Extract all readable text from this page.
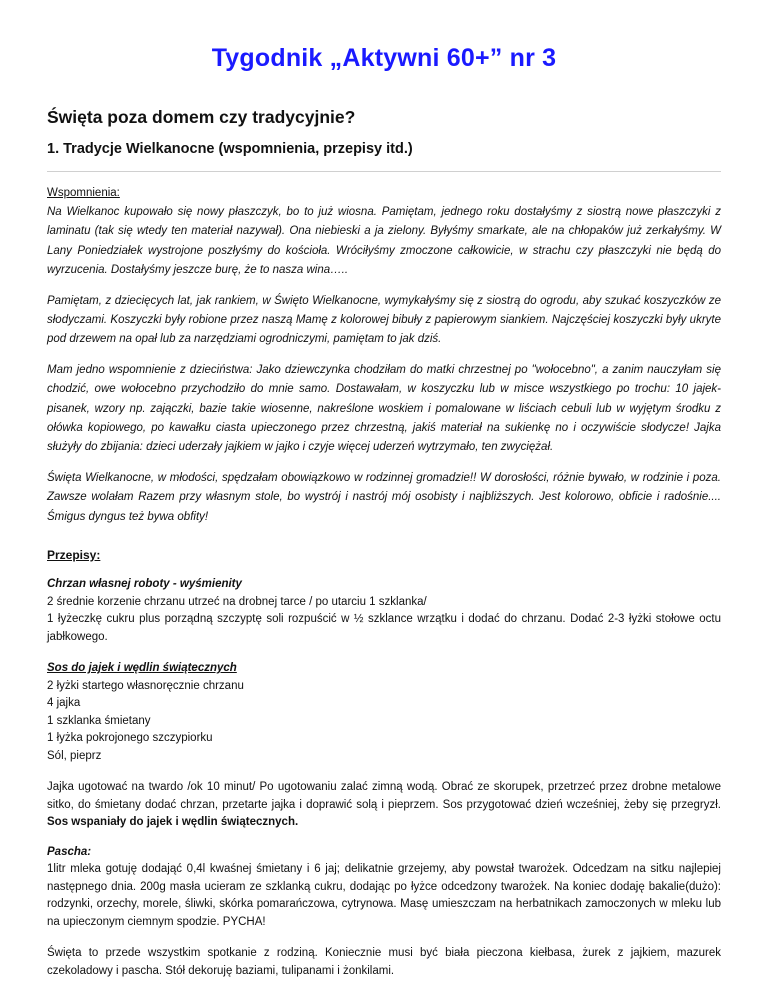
Tygodnik „Aktywni 60+” nr 3
Święta poza domem czy tradycyjnie?
1. Tradycje Wielkanocne (wspomnienia, przepisy itd.)
Wspomnienia:

Na Wielkanoc kupowało się nowy płaszczyk, bo to już wiosna. Pamiętam, jednego roku dostałyśmy z siostrą nowe płaszczyki z laminatu (tak się wtedy ten materiał nazywał). Ona niebieski a ja zielony. Byłyśmy smarkate, ale na chłopaków już zerkałyśmy. W Lany Poniedziałek wystrojone poszłyśmy do kościoła. Wróciłyśmy zmoczone całkowicie, w strachu czy płaszczyki nie będą do wyrzucenia. Dostałyśmy jeszcze burę, że to nasza wina…..

Pamiętam, z dziecięcych lat, jak rankiem, w Święto Wielkanocne, wymykałyśmy się z siostrą do ogrodu, aby szukać koszyczków ze słodyczami. Koszyczki były robione przez naszą Mamę z kolorowej bibuły z papierowym siankiem. Najczęściej koszyczki były ukryte pod drzewem na opał lub za narzędziami ogrodniczymi, pamiętam to jak dziś.

Mam jedno wspomnienie z dzieciństwa: Jako dziewczynka chodziłam do matki chrzestnej po "wołocebno", a zanim nauczyłam się chodzić, owe wołocebno przychodziło do mnie samo. Dostawałam, w koszyczku lub w misce wszystkiego po trochu: 10 jajek- pisanek, wzory np. zajączki, bazie takie wiosenne, nakreślone woskiem i pomalowane w liściach cebuli lub w wyjętym środku z ołówka kopiowego, po kawałku ciasta upieczonego przez chrzestną, jakiś materiał na sukienkę no i oczywiście słodycze! Jajka służyły do zbijania: dzieci uderzały jajkiem w jajko i czyje więcej uderzeń wytrzymało, ten zwyciężał.

Święta Wielkanocne, w młodości, spędzałam obowiązkowo w rodzinnej gromadzie!! W dorosłości, różnie bywało, w rodzinie i poza. Zawsze wolałam Razem przy własnym stole, bo wystrój i nastrój mój osobisty i najbliższych. Jest kolorowo, obficie i radośnie.... Śmigus dyngus też bywa obfity!

Przepisy:
Chrzan własnej roboty - wyśmienity
2 średnie korzenie chrzanu utrzeć na drobnej tarce / po utarciu 1 szklanka/
1 łyżeczkę cukru plus porządną szczyptę soli rozpuścić w ½ szklance wrzątku i dodać do chrzanu. Dodać 2-3 łyżki stołowe octu jabłkowego.
Sos do jajek i wędlin świątecznych
2 łyżki startego własnoręcznie chrzanu
4 jajka
1 szklanka śmietany
1 łyżka pokrojonego szczypiorku
Sól, pieprz

Jajka ugotować na twardo /ok 10 minut/ Po ugotowaniu zalać zimną wodą. Obrać ze skorupek, przetrzeć przez drobne metalowe sitko, do śmietany dodać chrzan, przetarte jajka i doprawić solą i pieprzem. Sos przygotować dzień wcześniej, żeby się przegryzł. Sos wspaniały do jajek i wędlin świątecznych.

Pascha:
1litr mleka gotuję dodająć 0,4l kwaśnej śmietany i 6 jaj; delikatnie grzejemy, aby powstał twarożek. Odcedzam na sitku najlepiej następnego dnia. 200g masła ucieram ze szklanką cukru, dodając po łyżce odcedzony twarożek. Na koniec dodaję bakalie(dużo): rodzynki, orzechy, morele, śliwki, skórka pomarańczowa, cytrynowa. Masę umieszczam na herbatnikach zamoczonych w mleku lub na upieczonym ciemnym spodzie. PYCHA!

Święta to przede wszystkim spotkanie z rodziną. Koniecznie musi być biała pieczona kiełbasa, żurek z jajkiem, mazurek czekoladowy i pascha. Stół dekoruję baziami, tulipanami i żonkilami.
